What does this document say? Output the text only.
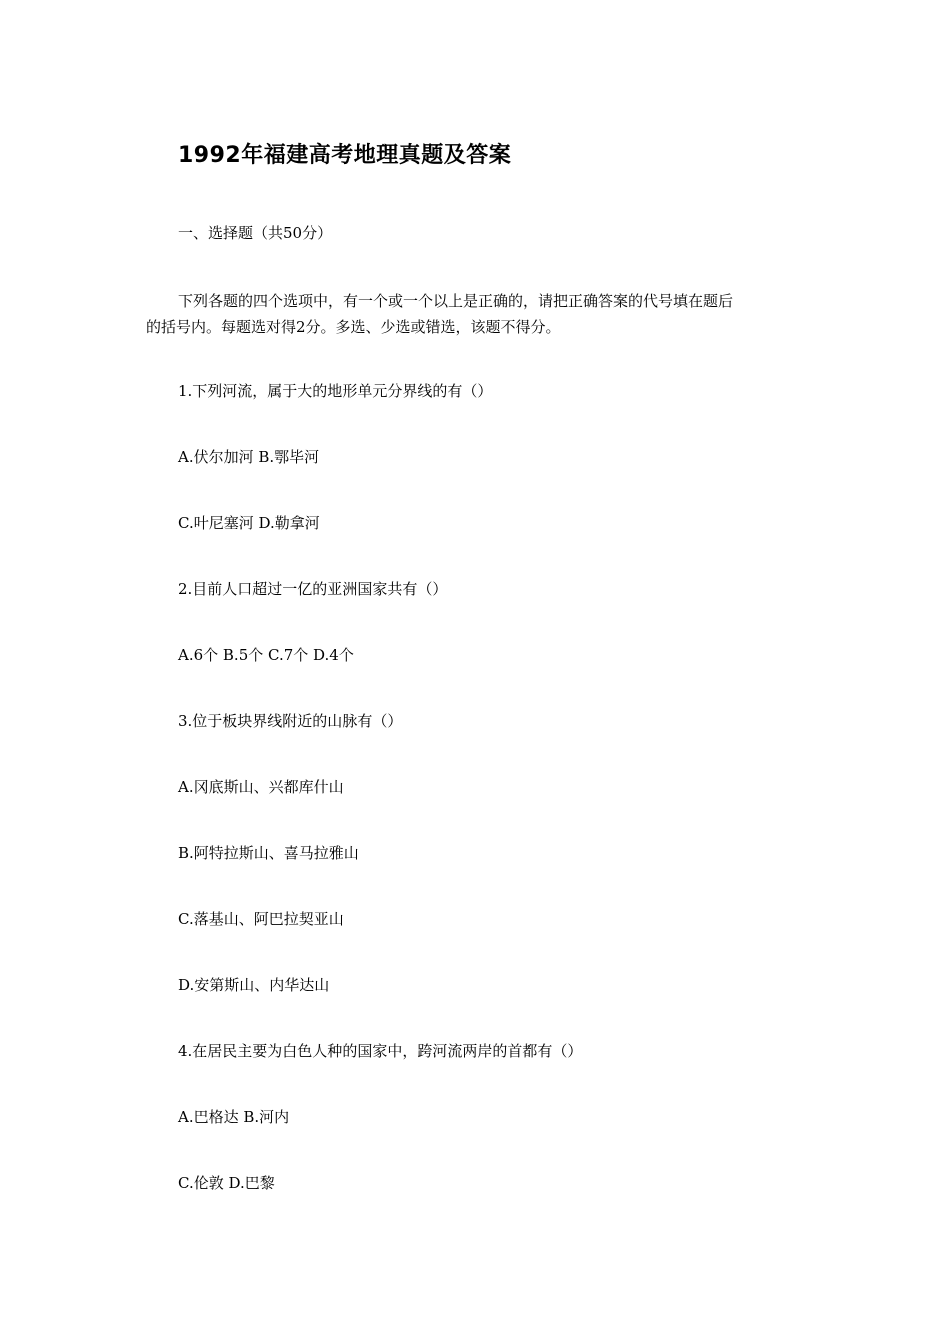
1992年福建高考地理真题及答案
一、选择题（共50分）
下列各题的四个选项中，有一个或一个以上是正确的，请把正确答案的代号填在题后
的括号内。每题选对得2分。多选、少选或错选，该题不得分。
1.下列河流，属于大的地形单元分界线的有（）
A.伏尔加河 B.鄂毕河
C.叶尼塞河 D.勒拿河
2.目前人口超过一亿的亚洲国家共有（）
A.6个 B.5个 C.7个 D.4个
3.位于板块界线附近的山脉有（）
A.冈底斯山、兴都库什山
B.阿特拉斯山、喜马拉雅山
C.落基山、阿巴拉契亚山
D.安第斯山、内华达山
4.在居民主要为白色人种的国家中，跨河流两岸的首都有（）
A.巴格达 B.河内
C.伦敦 D.巴黎
